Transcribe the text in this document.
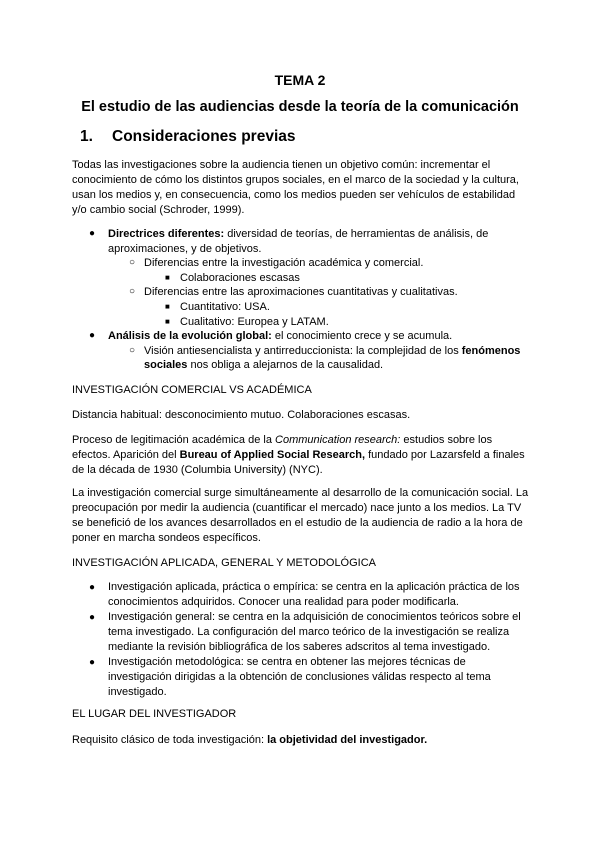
TEMA 2
El estudio de las audiencias desde la teoría de la comunicación
1. Consideraciones previas
Todas las investigaciones sobre la audiencia tienen un objetivo común: incrementar el conocimiento de cómo los distintos grupos sociales, en el marco de la sociedad y la cultura, usan los medios y, en consecuencia, como los medios pueden ser vehículos de estabilidad y/o cambio social (Schroder, 1999).
● Directrices diferentes: diversidad de teorías, de herramientas de análisis, de aproximaciones, y de objetivos.
○ Diferencias entre la investigación académica y comercial.
■ Colaboraciones escasas
○ Diferencias entre las aproximaciones cuantitativas y cualitativas.
■ Cuantitativo: USA.
■ Cualitativo: Europea y LATAM.
● Análisis de la evolución global: el conocimiento crece y se acumula.
○ Visión antiesencialista y antirreduccionista: la complejidad de los fenómenos sociales nos obliga a alejarnos de la causalidad.
INVESTIGACIÓN COMERCIAL VS ACADÉMICA
Distancia habitual: desconocimiento mutuo. Colaboraciones escasas.
Proceso de legitimación académica de la Communication research: estudios sobre los efectos. Aparición del Bureau of Applied Social Research, fundado por Lazarsfeld a finales de la década de 1930 (Columbia University) (NYC).
La investigación comercial surge simultáneamente al desarrollo de la comunicación social. La preocupación por medir la audiencia (cuantificar el mercado) nace junto a los medios. La TV se benefició de los avances desarrollados en el estudio de la audiencia de radio a la hora de poner en marcha sondeos específicos.
INVESTIGACIÓN APLICADA, GENERAL Y METODOLÓGICA
● Investigación aplicada, práctica o empírica: se centra en la aplicación práctica de los conocimientos adquiridos. Conocer una realidad para poder modificarla.
● Investigación general: se centra en la adquisición de conocimientos teóricos sobre el tema investigado. La configuración del marco teórico de la investigación se realiza mediante la revisión bibliográfica de los saberes adscritos al tema investigado.
● Investigación metodológica: se centra en obtener las mejores técnicas de investigación dirigidas a la obtención de conclusiones válidas respecto al tema investigado.
EL LUGAR DEL INVESTIGADOR
Requisito clásico de toda investigación: la objetividad del investigador.
